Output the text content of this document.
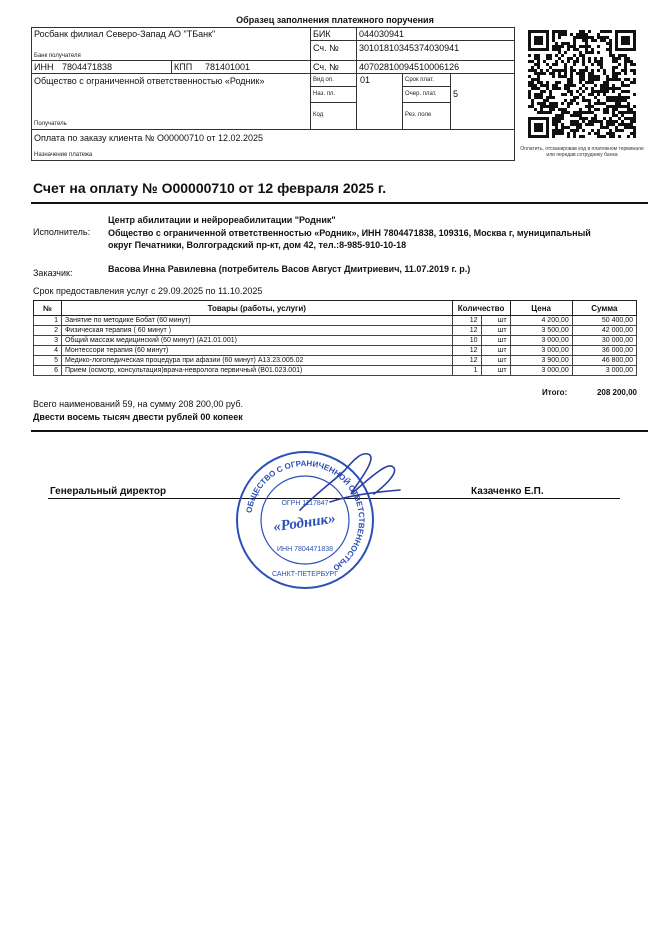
Образец заполнения платежного поручения
Росбанк филиал Северо-Запад АО "ТБанк"
Банк получателя
БИК	044030941
Сч. № 30101810345374030941
ИНН 7804471838	КПП 781401001	Сч. № 40702810094510006126
Общество с ограниченной ответственностью «Родник»
Получатель
Вид оп.	01
Наз. пл.
Код
Срок плат.
Очер. плат. 5
Рез. поле
Оплата по заказу клиента № О00000710 от 12.02.2025
Назначение платежа
Оплатить, отсканировав код в платежном терминале или передав сотруднику банка
Счет на оплату № О00000710 от 12 февраля 2025 г.
Исполнитель:
Центр абилитации и нейрореабилитации "Родник"
Общество с ограниченной ответственностью «Родник», ИНН 7804471838, 109316, Москва г, муниципальный
округ Печатники, Волгоградский пр-кт, дом 42, тел.:8-985-910-10-18
Заказчик:	Васова Инна Равилевна (потребитель Васов Август Дмитриевич, 11.07.2019 г. р.)
Срок предоставления услуг с 29.09.2025 по 11.10.2025
№	Товары (работы, услуги)	Количество		Цена	Сумма
1	Занятие по методике Бобат (60 минут)	12	шт	4 200,00	50 400,00
2	Физическая терапия ( 60 минут )	12	шт	3 500,00	42 000,00
3	Общий массаж медицинский (60 минут) (А21.01.001)	10	шт	3 000,00	30 000,00
4	Монтессори терапия (60 минут)	12	шт	3 000,00	36 000,00
5	Медико-логопедическая процедура при афазии (60 минут) А13.23.005.02	12	шт	3 900,00	46 800,00
6	Прием (осмотр, консультация)врача-невролога первичный (В01.023.001)	1	шт	3 000,00	3 000,00
Итого:	208 200,00
Всего наименований 59, на сумму 208 200,00 руб.
Двести восемь тысяч двести рублей 00 копеек
Генеральный директор	Казаченко Е.П.
ОБЩЕСТВО С ОГРАНИЧЕННОЙ ОТВЕТСТВЕННОСТЬЮ
ОГРН 1117847
«Родник»
ИНН 7804471838
САНКТ-ПЕТЕРБУРГ
